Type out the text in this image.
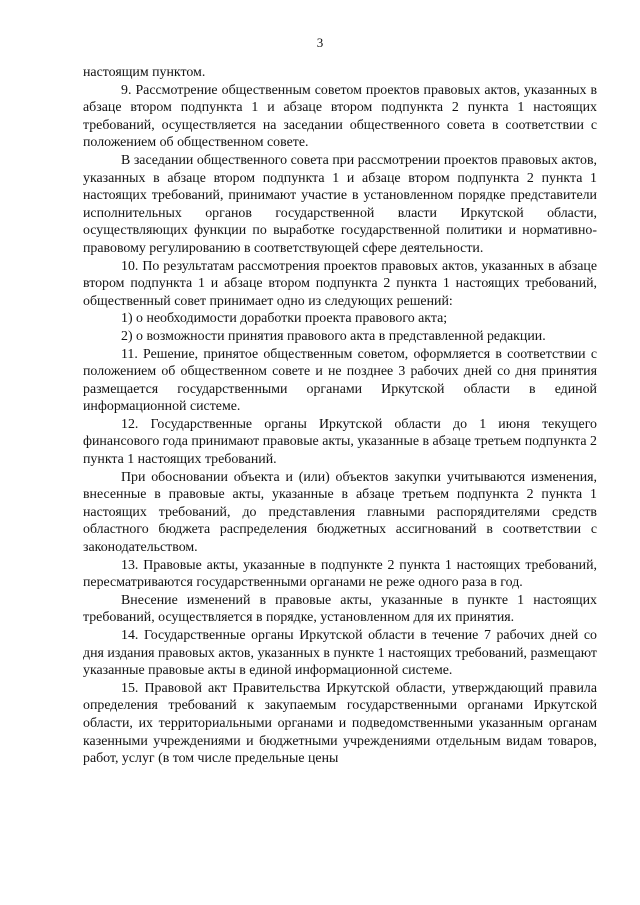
3

настоящим пунктом.

9. Рассмотрение общественным советом проектов правовых актов, указанных в абзаце втором подпункта 1 и абзаце втором подпункта 2 пункта 1 настоящих требований, осуществляется на заседании общественного совета в соответствии с положением об общественном совете.

В заседании общественного совета при рассмотрении проектов правовых актов, указанных в абзаце втором подпункта 1 и абзаце втором подпункта 2 пункта 1 настоящих требований, принимают участие в установленном порядке представители исполнительных органов государственной власти Иркутской области, осуществляющих функции по выработке государственной политики и нормативно-правовому регулированию в соответствующей сфере деятельности.

10. По результатам рассмотрения проектов правовых актов, указанных в абзаце втором подпункта 1 и абзаце втором подпункта 2 пункта 1 настоящих требований, общественный совет принимает одно из следующих решений:

1) о необходимости доработки проекта правового акта;

2) о возможности принятия правового акта в представленной редакции.

11. Решение, принятое общественным советом, оформляется в соответствии с положением об общественном совете и не позднее 3 рабочих дней со дня принятия размещается государственными органами Иркутской области в единой информационной системе.

12. Государственные органы Иркутской области до 1 июня текущего финансового года принимают правовые акты, указанные в абзаце третьем подпункта 2 пункта 1 настоящих требований.

При обосновании объекта и (или) объектов закупки учитываются изменения, внесенные в правовые акты, указанные в абзаце третьем подпункта 2 пункта 1 настоящих требований, до представления главными распорядителями средств областного бюджета распределения бюджетных ассигнований в соответствии с законодательством.

13. Правовые акты, указанные в подпункте 2 пункта 1 настоящих требований, пересматриваются государственными органами не реже одного раза в год.

Внесение изменений в правовые акты, указанные в пункте 1 настоящих требований, осуществляется в порядке, установленном для их принятия.

14. Государственные органы Иркутской области в течение 7 рабочих дней со дня издания правовых актов, указанных в пункте 1 настоящих требований, размещают указанные правовые акты в единой информационной системе.

15. Правовой акт Правительства Иркутской области, утверждающий правила определения требований к закупаемым государственными органами Иркутской области, их территориальными органами и подведомственными указанным органам казенными учреждениями и бюджетными учреждениями отдельным видам товаров, работ, услуг (в том числе предельные цены
